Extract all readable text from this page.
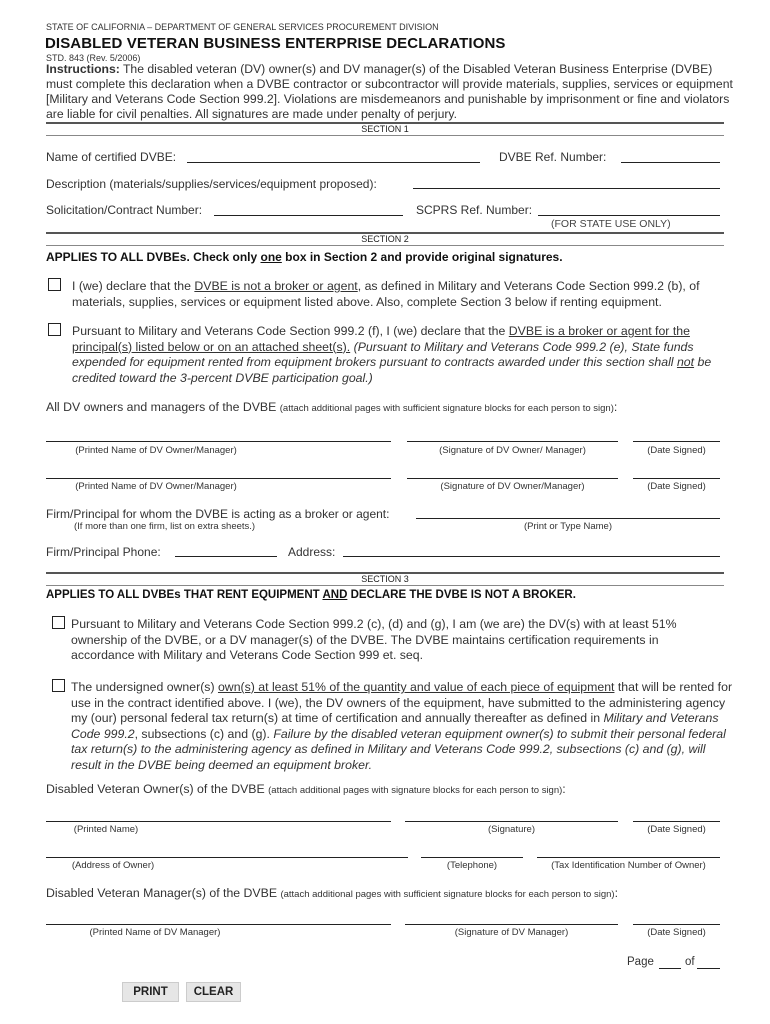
STATE OF CALIFORNIA – DEPARTMENT OF GENERAL SERVICES PROCUREMENT DIVISION
DISABLED VETERAN BUSINESS ENTERPRISE DECLARATIONS
STD. 843 (Rev. 5/2006)
Instructions: The disabled veteran (DV) owner(s) and DV manager(s) of the Disabled Veteran Business Enterprise (DVBE) must complete this declaration when a DVBE contractor or subcontractor will provide materials, supplies, services or equipment [Military and Veterans Code Section 999.2]. Violations are misdemeanors and punishable by imprisonment or fine and violators are liable for civil penalties. All signatures are made under penalty of perjury.
SECTION 1
Name of certified DVBE:	DVBE Ref. Number:
Description (materials/supplies/services/equipment proposed):
Solicitation/Contract Number:	SCPRS Ref. Number:
(FOR STATE USE ONLY)
SECTION 2
APPLIES TO ALL DVBEs. Check only one box in Section 2 and provide original signatures.
I (we) declare that the DVBE is not a broker or agent, as defined in Military and Veterans Code Section 999.2 (b), of materials, supplies, services or equipment listed above. Also, complete Section 3 below if renting equipment.
Pursuant to Military and Veterans Code Section 999.2 (f), I (we) declare that the DVBE is a broker or agent for the principal(s) listed below or on an attached sheet(s). (Pursuant to Military and Veterans Code 999.2 (e), State funds expended for equipment rented from equipment brokers pursuant to contracts awarded under this section shall not be credited toward the 3-percent DVBE participation goal.)
All DV owners and managers of the DVBE (attach additional pages with sufficient signature blocks for each person to sign):
(Printed Name of DV Owner/Manager)	(Signature of DV Owner/ Manager)	(Date Signed)
(Printed Name of DV Owner/Manager)	(Signature of DV Owner/Manager)	(Date Signed)
Firm/Principal for whom the DVBE is acting as a broker or agent:
(If more than one firm, list on extra sheets.)	(Print or Type Name)
Firm/Principal Phone:	Address:
SECTION 3
APPLIES TO ALL DVBEs THAT RENT EQUIPMENT AND DECLARE THE DVBE IS NOT A BROKER.
Pursuant to Military and Veterans Code Section 999.2 (c), (d) and (g), I am (we are) the DV(s) with at least 51% ownership of the DVBE, or a DV manager(s) of the DVBE. The DVBE maintains certification requirements in accordance with Military and Veterans Code Section 999 et. seq.
The undersigned owner(s) own(s) at least 51% of the quantity and value of each piece of equipment that will be rented for use in the contract identified above. I (we), the DV owners of the equipment, have submitted to the administering agency my (our) personal federal tax return(s) at time of certification and annually thereafter as defined in Military and Veterans Code 999.2, subsections (c) and (g). Failure by the disabled veteran equipment owner(s) to submit their personal federal tax return(s) to the administering agency as defined in Military and Veterans Code 999.2, subsections (c) and (g), will result in the DVBE being deemed an equipment broker.
Disabled Veteran Owner(s) of the DVBE (attach additional pages with signature blocks for each person to sign):
(Printed Name)	(Signature)	(Date Signed)
(Address of Owner)	(Telephone)	(Tax Identification Number of Owner)
Disabled Veteran Manager(s) of the DVBE (attach additional pages with sufficient signature blocks for each person to sign):
(Printed Name of DV Manager)	(Signature of DV Manager)	(Date Signed)
Page	of
PRINT	CLEAR
